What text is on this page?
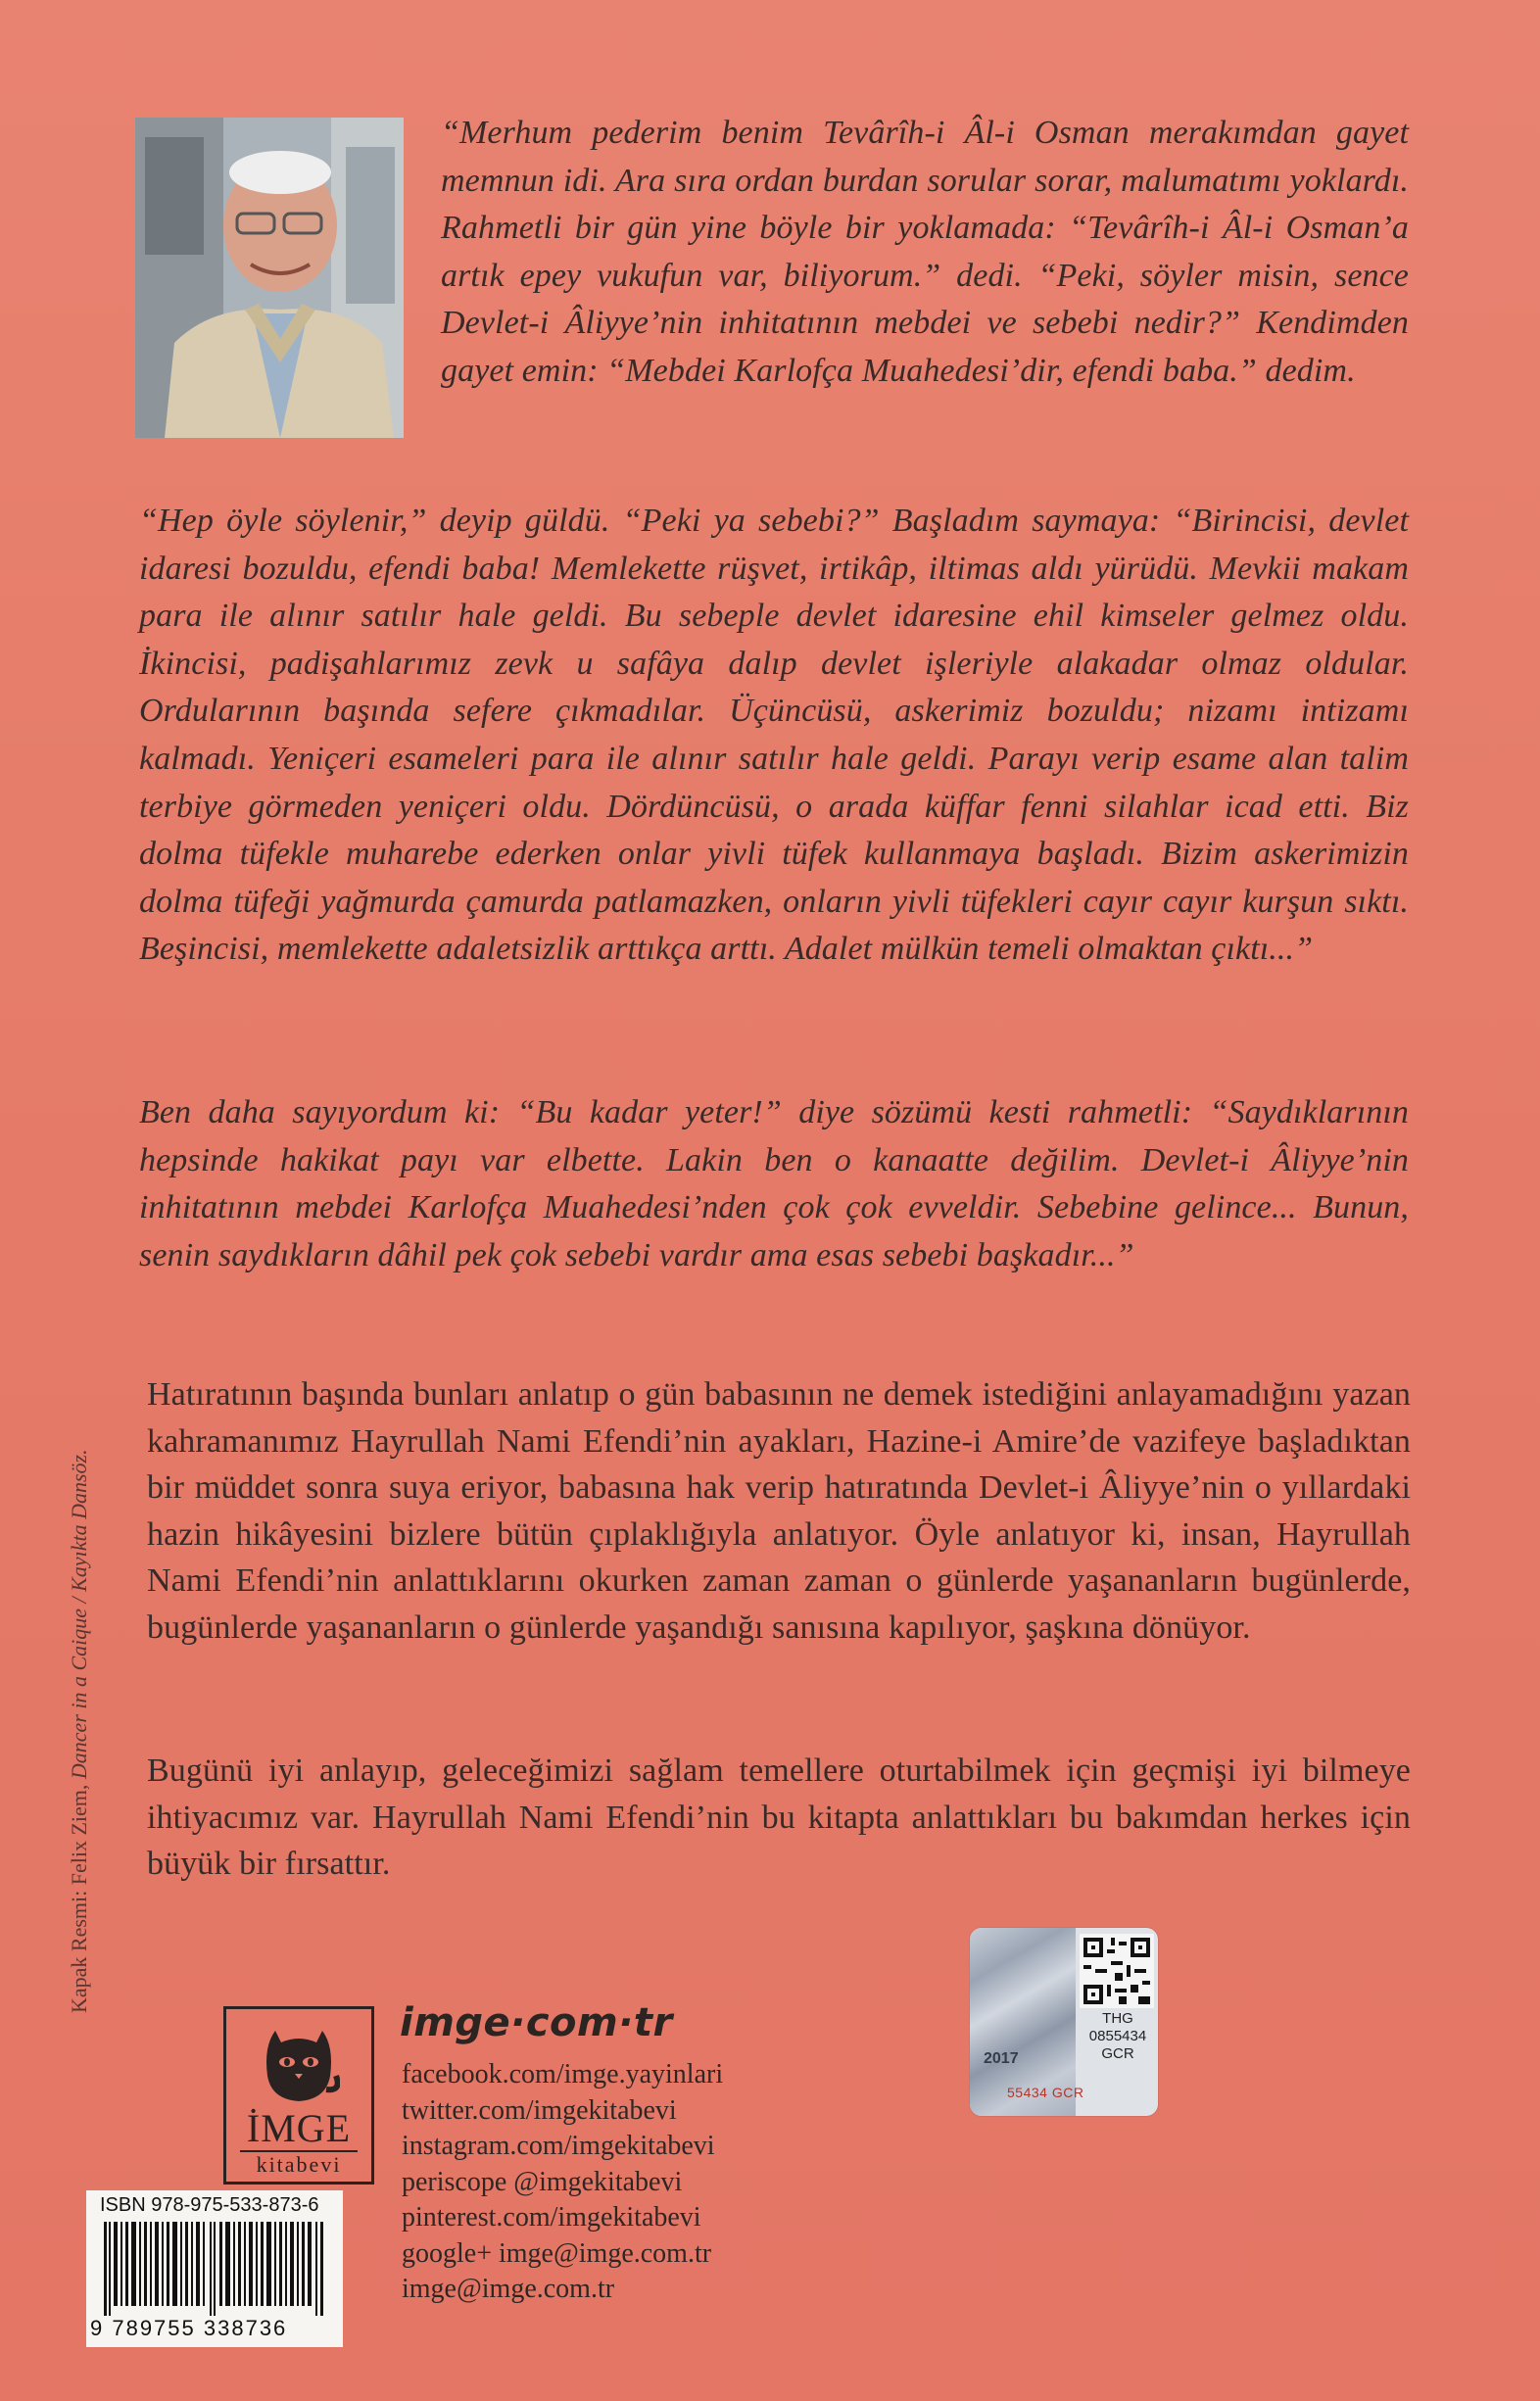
“Merhum pederim benim Tevârîh-i Âl-i Osman merakımdan gayet memnun idi. Ara sıra ordan burdan sorular sorar, malumatımı yoklardı. Rahmetli bir gün yine böyle bir yoklamada: “Tevârîh-i Âl-i Osman’a artık epey vukufun var, biliyorum.” dedi. “Peki, söyler misin, sence Devlet-i Âliyye’nin inhitatının mebdei ve sebebi nedir?” Kendimden gayet emin: “Mebdei Karlofça Muahedesi’dir, efendi baba.” dedim.

“Hep öyle söylenir,” deyip güldü. “Peki ya sebebi?” Başladım saymaya: “Birincisi, devlet idaresi bozuldu, efendi baba! Memlekette rüşvet, irtikâp, iltimas aldı yürüdü. Mevkii makam para ile alınır satılır hale geldi. Bu sebeple devlet idaresine ehil kimseler gelmez oldu. İkincisi, padişahlarımız zevk u safâya dalıp devlet işleriyle alakadar olmaz oldular. Ordularının başında sefere çıkmadılar. Üçüncüsü, askerimiz bozuldu; nizamı intizamı kalmadı. Yeniçeri esameleri para ile alınır satılır hale geldi. Parayı verip esame alan talim terbiye görmeden yeniçeri oldu. Dördüncüsü, o arada küffar fenni silahlar icad etti. Biz dolma tüfekle muharebe ederken onlar yivli tüfek kullanmaya başladı. Bizim askerimizin dolma tüfeği yağmurda çamurda patlamazken, onların yivli tüfekleri cayır cayır kurşun sıktı. Beşincisi, memlekette adaletsizlik arttıkça arttı. Adalet mülkün temeli olmaktan çıktı...”

Ben daha sayıyordum ki: “Bu kadar yeter!” diye sözümü kesti rahmetli: “Saydıklarının hepsinde hakikat payı var elbette. Lakin ben o kanaatte değilim. Devlet-i Âliyye’nin inhitatının mebdei Karlofça Muahedesi’nden çok çok evveldir. Sebebine gelince... Bunun, senin saydıkların dâhil pek çok sebebi vardır ama esas sebebi başkadır...”

Hatıratının başında bunları anlatıp o gün babasının ne demek istediğini anlayamadığını yazan kahramanımız Hayrullah Nami Efendi’nin ayakları, Hazine-i Amire’de vazifeye başladıktan bir müddet sonra suya eriyor, babasına hak verip hatıratında Devlet-i Âliyye’nin o yıllardaki hazin hikâyesini bizlere bütün çıplaklığıyla anlatıyor. Öyle anlatıyor ki, insan, Hayrullah Nami Efendi’nin anlattıklarını okurken zaman zaman o günlerde yaşananların bugünlerde, bugünlerde yaşananların o günlerde yaşandığı sanısına kapılıyor, şaşkına dönüyor.

Bugünü iyi anlayıp, geleceğimizi sağlam temellere oturtabilmek için geçmişi iyi bilmeye ihtiyacımız var. Hayrullah Nami Efendi’nin bu kitapta anlattıkları bu bakımdan herkes için büyük bir fırsattır.

Kapak Resmi: Felix Ziem, Dancer in a Caique / Kayıkta Dansöz.
İMGE
kitabevi
imge·com·tr
facebook.com/imge.yayinlari
twitter.com/imgekitabevi
instagram.com/imgekitabevi
periscope @imgekitabevi
pinterest.com/imgekitabevi
google+ imge@imge.com.tr
imge@imge.com.tr
ISBN 978-975-533-873-6
9 789755 338736
2017
THG
0855434
GCR
55434 GCR
